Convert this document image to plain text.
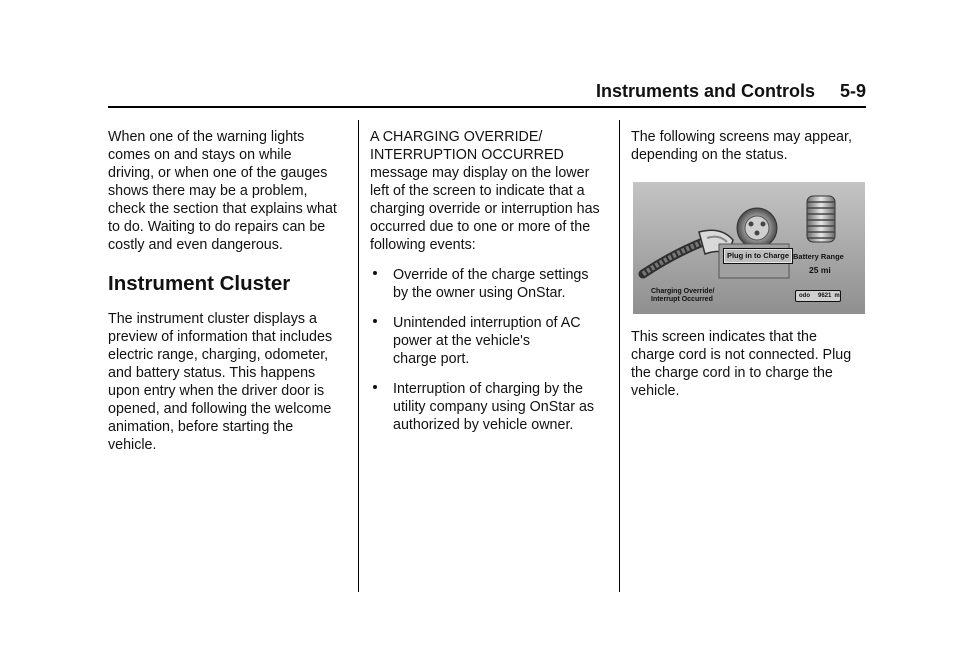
Instruments and Controls     5-9
When one of the warning lights
comes on and stays on while
driving, or when one of the gauges
shows there may be a problem,
check the section that explains what
to do. Waiting to do repairs can be
costly and even dangerous.
Instrument Cluster
The instrument cluster displays a
preview of information that includes
electric range, charging, odometer,
and battery status. This happens
upon entry when the driver door is
opened, and following the welcome
animation, before starting the
vehicle.
A CHARGING OVERRIDE/
INTERRUPTION OCCURRED
message may display on the lower
left of the screen to indicate that a
charging override or interruption has
occurred due to one or more of the
following events:
Override of the charge settings
by the owner using OnStar.
Unintended interruption of AC
power at the vehicle's
charge port.
Interruption of charging by the
utility company using OnStar as
authorized by vehicle owner.
The following screens may appear,
depending on the status.
Plug in to Charge Battery Range
25 mi
Charging Override/
Interrupt Occurred	odo 9621 mi
This screen indicates that the
charge cord is not connected. Plug
the charge cord in to charge the
vehicle.
